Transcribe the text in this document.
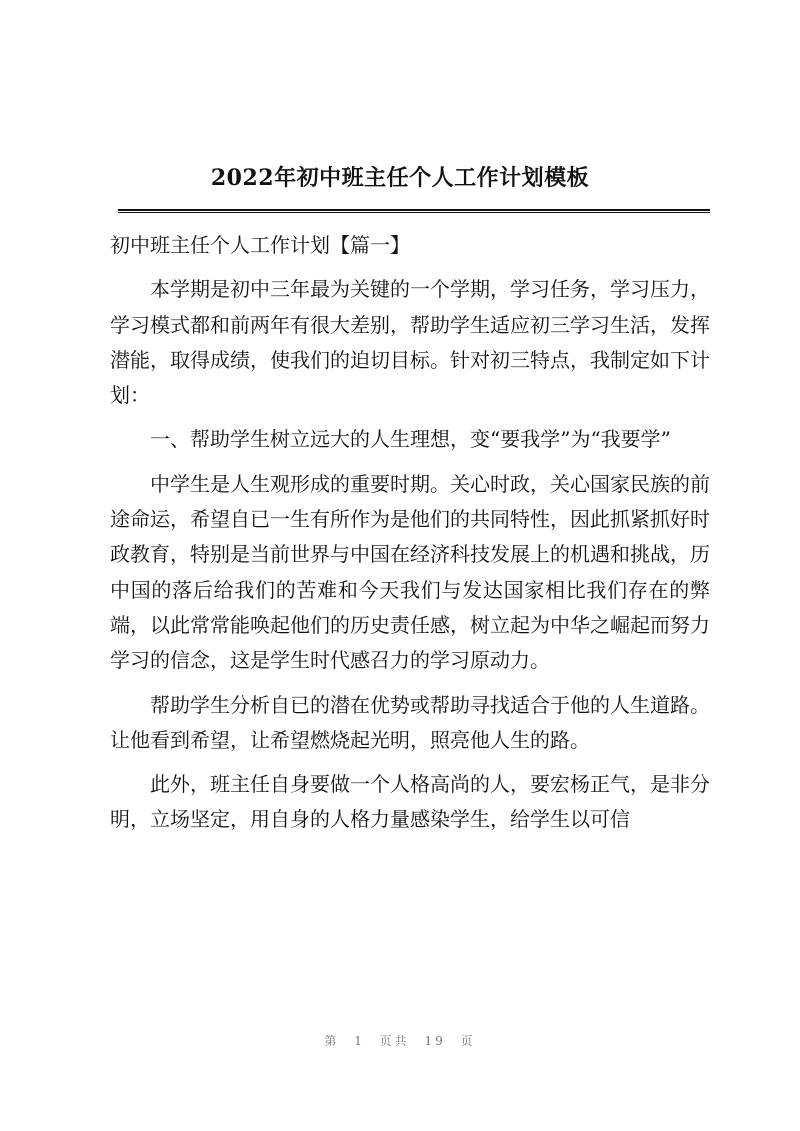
2022年初中班主任个人工作计划模板

初中班主任个人工作计划【篇一】

本学期是初中三年最为关键的一个学期，学习任务，学习压力，学习模式都和前两年有很大差别，帮助学生适应初三学习生活，发挥潜能，取得成绩，使我们的迫切目标。针对初三特点，我制定如下计划：

一、帮助学生树立远大的人生理想，变“要我学”为“我要学”

中学生是人生观形成的重要时期。关心时政，关心国家民族的前途命运，希望自已一生有所作为是他们的共同特性，因此抓紧抓好时政教育，特别是当前世界与中国在经济科技发展上的机遇和挑战，历中国的落后给我们的苦难和今天我们与发达国家相比我们存在的弊端，以此常常能唤起他们的历史责任感，树立起为中华之崛起而努力学习的信念，这是学生时代感召力的学习原动力。

帮助学生分析自已的潜在优势或帮助寻找适合于他的人生道路。让他看到希望，让希望燃烧起光明，照亮他人生的路。

此外，班主任自身要做一个人格高尚的人，要宏杨正气，是非分明，立场坚定，用自身的人格力量感染学生，给学生以可信

第 1 页共 19 页
